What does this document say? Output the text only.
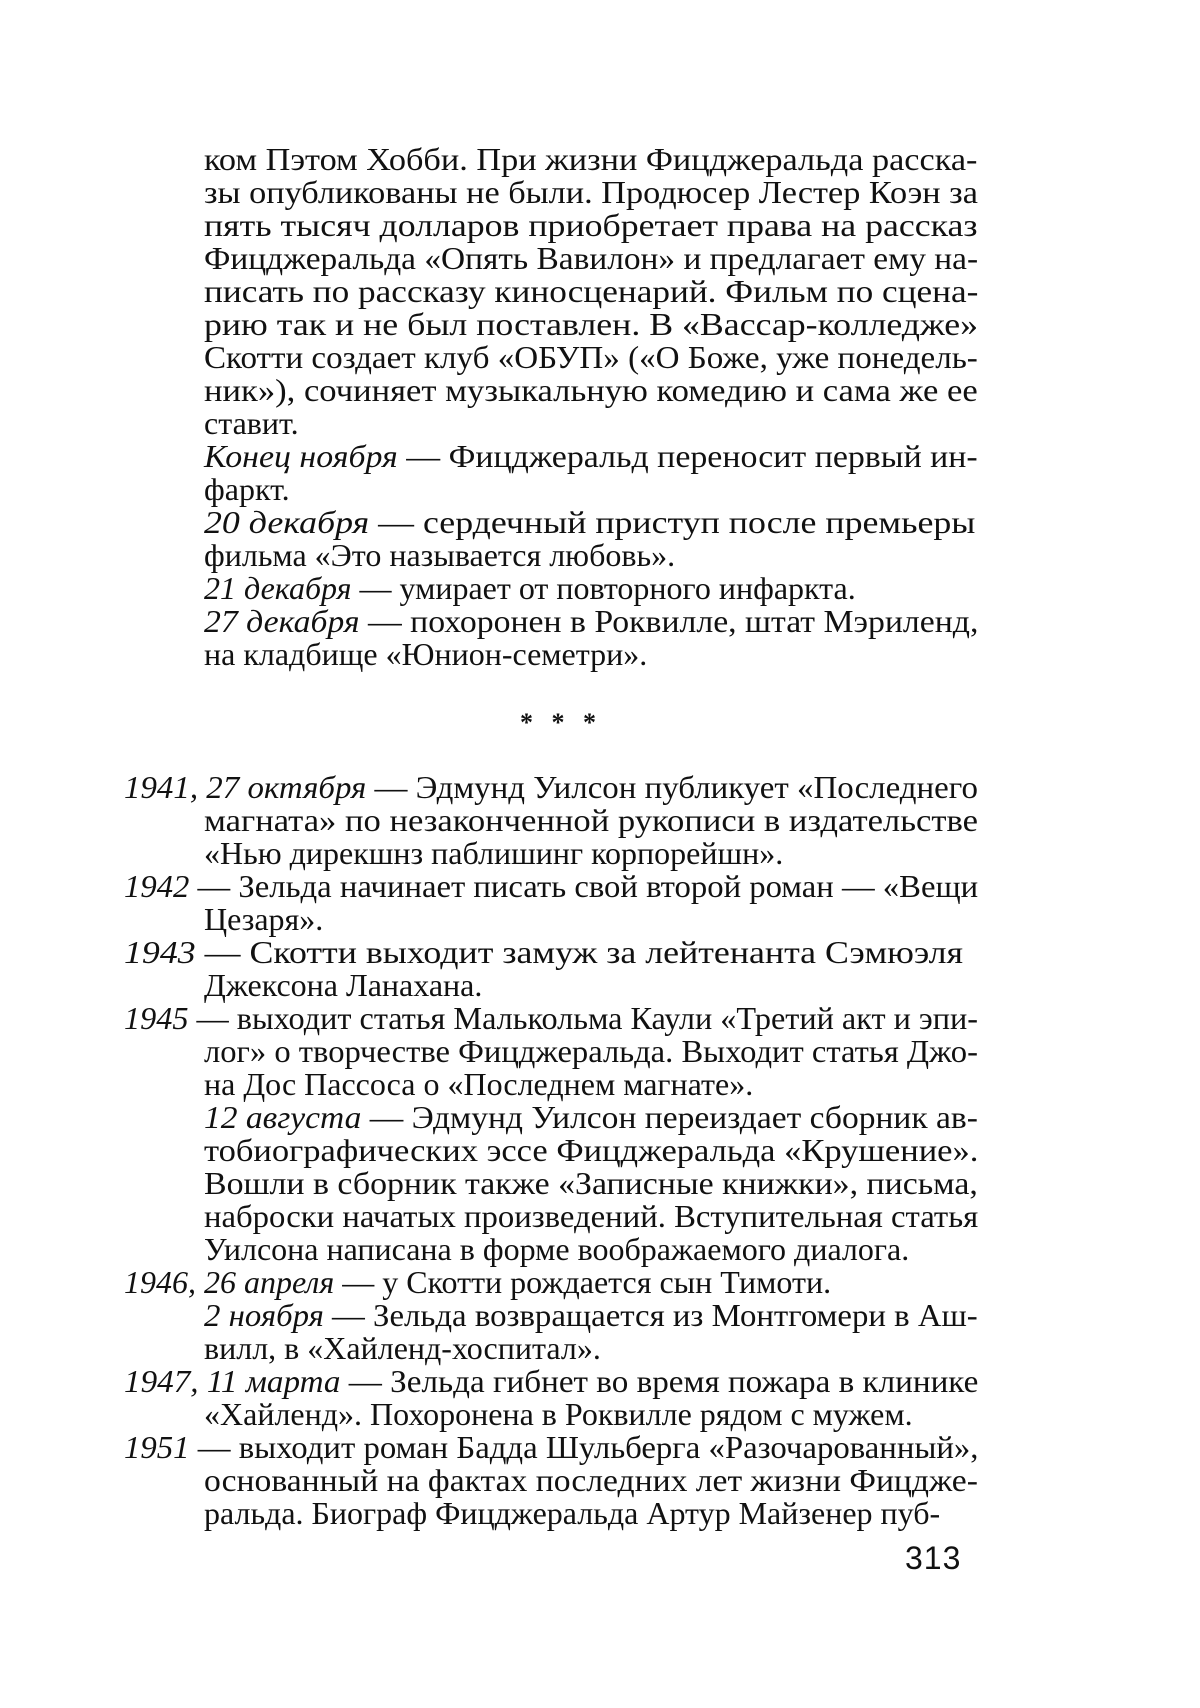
ком Пэтом Хобби. При жизни Фицджеральда расска-
зы опубликованы не были. Продюсер Лестер Коэн за
пять тысяч долларов приобретает права на рассказ
Фицджеральда «Опять Вавилон» и предлагает ему на-
писать по рассказу киносценарий. Фильм по сцена-
рию так и не был поставлен. В «Вассар-колледже»
Скотти создает клуб «ОБУП» («О Боже, уже понедель-
ник»), сочиняет музыкальную комедию и сама же ее
ставит.
Конец ноября — Фицджеральд переносит первый ин-
фаркт.
20 декабря — сердечный приступ после премьеры
фильма «Это называется любовь».
21 декабря — умирает от повторного инфаркта.
27 декабря — похоронен в Роквилле, штат Мэриленд,
на кладбище «Юнион-семетри».
1941, 27 октября — Эдмунд Уилсон публикует «Последнего
магната» по незаконченной рукописи в издательстве
«Нью дирекшнз паблишинг корпорейшн».
1942 — Зельда начинает писать свой второй роман — «Вещи
Цезаря».
1943 — Скотти выходит замуж за лейтенанта Сэмюэля
Джексона Ланахана.
1945 — выходит статья Малькольма Каули «Третий акт и эпи-
лог» о творчестве Фицджеральда. Выходит статья Джо-
на Дос Пассоса о «Последнем магнате».
12 августа — Эдмунд Уилсон переиздает сборник ав-
тобиографических эссе Фицджеральда «Крушение».
Вошли в сборник также «Записные книжки», письма,
наброски начатых произведений. Вступительная статья
Уилсона написана в форме воображаемого диалога.
1946, 26 апреля — у Скотти рождается сын Тимоти.
2 ноября — Зельда возвращается из Монтгомери в Аш-
вилл, в «Хайленд-хоспитал».
1947, 11 марта — Зельда гибнет во время пожара в клинике
«Хайленд». Похоронена в Роквилле рядом с мужем.
1951 — выходит роман Бадда Шульберга «Разочарованный»,
основанный на фактах последних лет жизни Фицдже-
ральда. Биограф Фицджеральда Артур Майзенер пуб-
* * *
313
